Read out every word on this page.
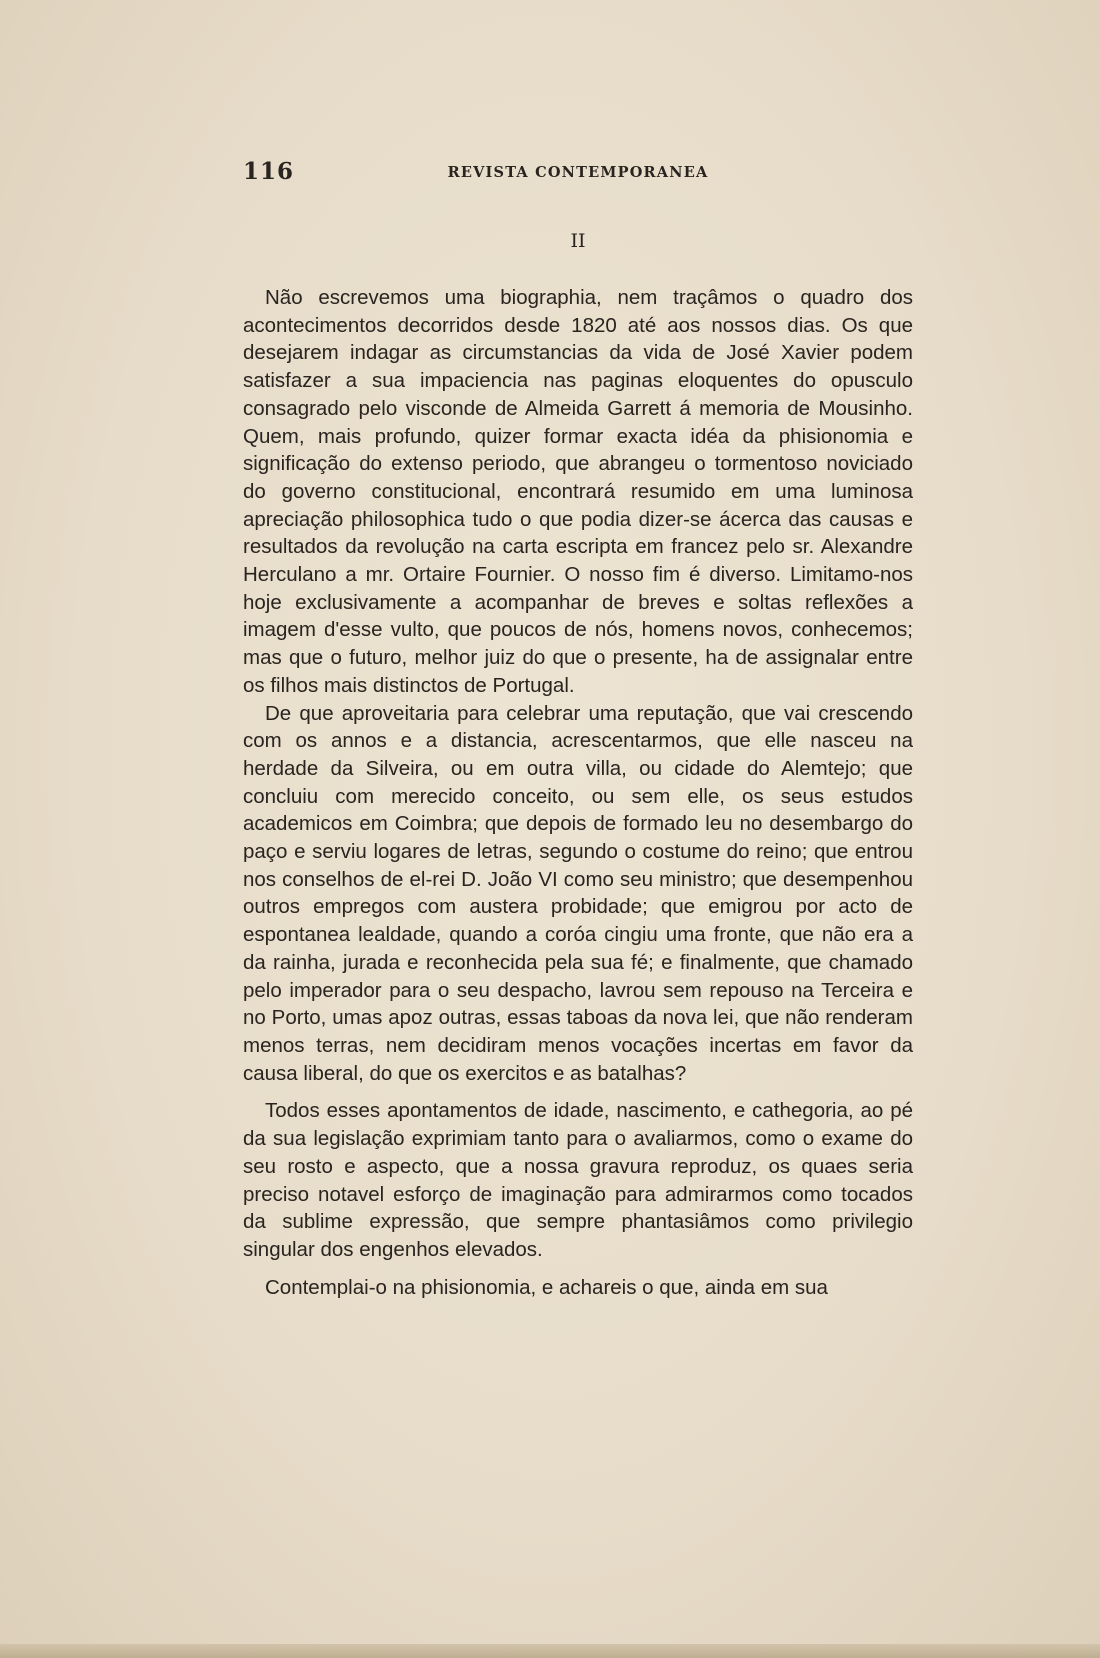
116	REVISTA CONTEMPORANEA
II

Não escrevemos uma biographia, nem traçâmos o quadro dos acontecimentos decorridos desde 1820 até aos nossos dias. Os que desejarem indagar as circumstancias da vida de José Xavier podem satisfazer a sua impaciencia nas paginas eloquentes do opusculo consagrado pelo visconde de Almeida Garrett á memoria de Mousinho. Quem, mais profundo, quizer formar exacta idéa da phisionomia e significação do extenso periodo, que abrangeu o tormentoso noviciado do governo constitucional, encontrará resumido em uma luminosa apreciação philosophica tudo o que podia dizer-se ácerca das causas e resultados da revolução na carta escripta em francez pelo sr. Alexandre Herculano a mr. Ortaire Fournier. O nosso fim é diverso. Limitamo-nos hoje exclusivamente a acompanhar de breves e soltas reflexões a imagem d'esse vulto, que poucos de nós, homens novos, conhecemos; mas que o futuro, melhor juiz do que o presente, ha de assignalar entre os filhos mais distinctos de Portugal.

De que aproveitaria para celebrar uma reputação, que vai crescendo com os annos e a distancia, acrescentarmos, que elle nasceu na herdade da Silveira, ou em outra villa, ou cidade do Alemtejo; que concluiu com merecido conceito, ou sem elle, os seus estudos academicos em Coimbra; que depois de formado leu no desembargo do paço e serviu logares de letras, segundo o costume do reino; que entrou nos conselhos de el-rei D. João VI como seu ministro; que desempenhou outros empregos com austera probidade; que emigrou por acto de espontanea lealdade, quando a coróa cingiu uma fronte, que não era a da rainha, jurada e reconhecida pela sua fé; e finalmente, que chamado pelo imperador para o seu despacho, lavrou sem repouso na Terceira e no Porto, umas apoz outras, essas taboas da nova lei, que não renderam menos terras, nem decidiram menos vocações incertas em favor da causa liberal, do que os exercitos e as batalhas?

Todos esses apontamentos de idade, nascimento, e cathegoria, ao pé da sua legislação exprimiam tanto para o avaliarmos, como o exame do seu rosto e aspecto, que a nossa gravura reproduz, os quaes seria preciso notavel esforço de imaginação para admirarmos como tocados da sublime expressão, que sempre phantasiâmos como privilegio singular dos engenhos elevados.

Contemplai-o na phisionomia, e achareis o que, ainda em sua
